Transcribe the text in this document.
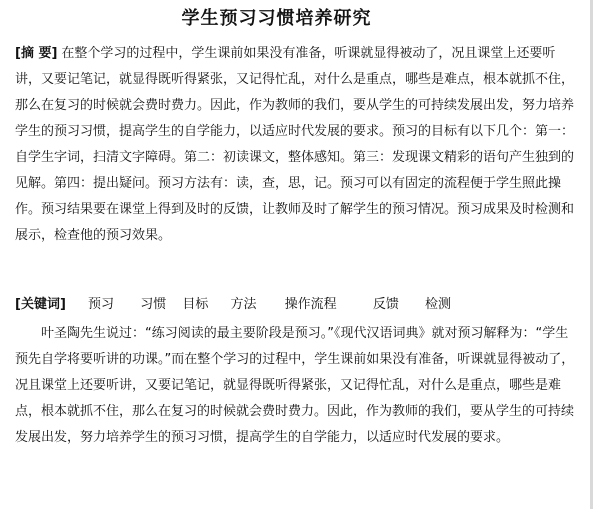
学生预习习惯培养研究
[摘 要] 在整个学习的过程中，学生课前如果没有准备，听课就显得被动了，况且课堂上还要听讲，又要记笔记，就显得既听得紧张，又记得忙乱，对什么是重点，哪些是难点，根本就抓不住，那么在复习的时候就会费时费力。因此，作为教师的我们，要从学生的可持续发展出发，努力培养学生的预习习惯，提高学生的自学能力，以适应时代发展的要求。预习的目标有以下几个：第一：自学生字词，扫清文字障碍。第二：初读课文，整体感知。第三：发现课文精彩的语句产生独到的见解。第四：提出疑问。预习方法有：读，查，思，记。预习可以有固定的流程便于学生照此操作。预习结果要在课堂上得到及时的反馈，让教师及时了解学生的预习情况。预习成果及时检测和展示，检查他的预习效果。
[关键词] 预习 习惯 目标 方法 操作流程	反馈 检测
叶圣陶先生说过：“练习阅读的最主要阶段是预习。”《现代汉语词典》就对预习解释为：“学生预先自学将要听讲的功课。”而在整个学习的过程中，学生课前如果没有准备，听课就显得被动了，况且课堂上还要听讲，又要记笔记，就显得既听得紧张，又记得忙乱，对什么是重点，哪些是难点，根本就抓不住，那么在复习的时候就会费时费力。因此，作为教师的我们，要从学生的可持续发展出发，努力培养学生的预习习惯，提高学生的自学能力，以适应时代发展的要求。
